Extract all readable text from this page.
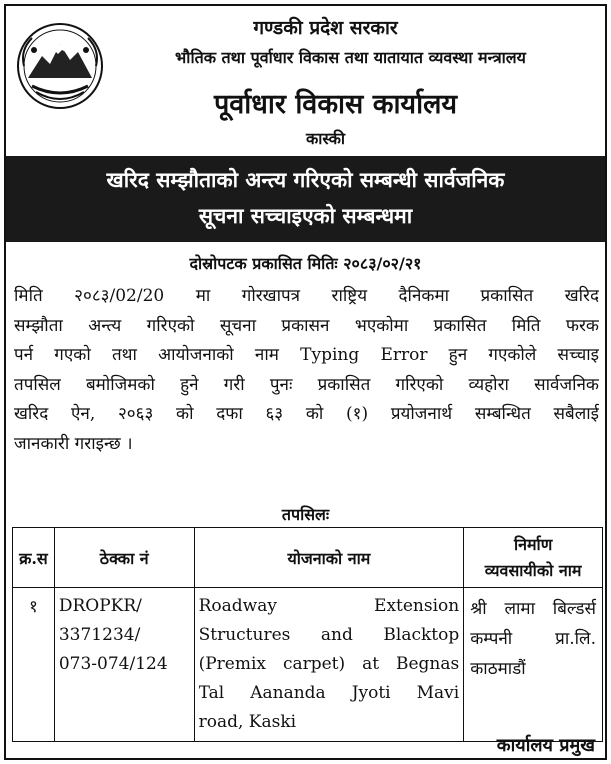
गण्डकी प्रदेश सरकार
भौतिक तथा पूर्वाधार विकास तथा यातायात व्यवस्था मन्त्रालय
पूर्वाधार विकास कार्यालय
कास्की
खरिद सम्झौताको अन्त्य गरिएको सम्बन्धी सार्वजनिक
सूचना सच्चाइएको सम्बन्धमा
दोस्रोपटक प्रकासित मितिः २०८३/०२/२१
मिति २०८३/02/20 मा गोरखापत्र राष्ट्रिय दैनिकमा प्रकासित खरिद
सम्झौता अन्त्य गरिएको सूचना प्रकासन भएकोमा प्रकासित मिति फरक
पर्न गएको तथा आयोजनाको नाम Typing Error हुन गएकोले सच्चाइ
तपसिल बमोजिमको हुने गरी पुनः प्रकासित गरिएको व्यहोरा सार्वजनिक
खरिद ऐन, २०६३ को दफा ६३ को (१) प्रयोजनार्थ सम्बन्धित सबैलाई
जानकारी गराइन्छ ।
तपसिलः
क्र.स	ठेक्का नं	योजनाको नाम	निर्माण
व्यवसायीको नाम

१	DROPKR/
3371234/
073-074/124	Roadway Extension
Structures and Blacktop
(Premix carpet) at Begnas
Tal Aananda Jyoti Mavi
road, Kaski	श्री लामा बिल्डर्स
कम्पनी प्रा.लि.
काठमाडौं
कार्यालय प्रमुख
